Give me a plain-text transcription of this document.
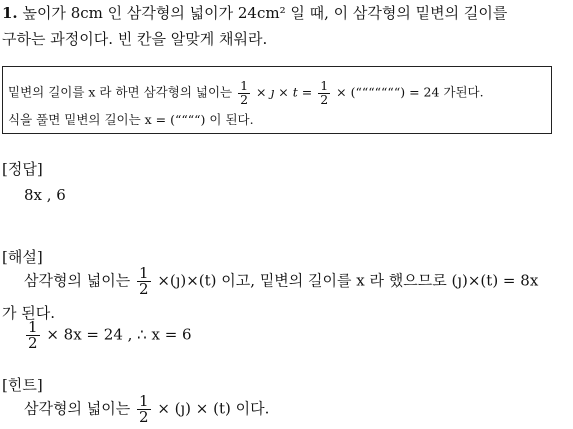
1. 높이가 8cm 인 삼각형의 넓이가 24cm² 일 때, 이 삼각형의 밑변의 길이를
구하는 과정이다. 빈 칸을 알맞게 채워라.
밑변의 길이를 x 라 하면 삼각형의 넓이는 $\frac{1}{2}$ × ȷ × $t = \frac{1}{2}$ × (“““““““) = 24 가된다.
식을 풀면 밑변의 길이는 x = (““““) 이 된다.
[정답]
8x , 6
[해설]
삼각형의 넓이는 $\frac{1}{2}$ ×(ȷ)×(t) 이고, 밑변의 길이를 x 라 했으므로 (ȷ)×(t) = 8x
가 된다.
$\frac{1}{2} \times 8x = 24$ , ∴ x = 6
[힌트]
삼각형의 넓이는 $\frac{1}{2}$ × (ȷ) × (t) 이다.
